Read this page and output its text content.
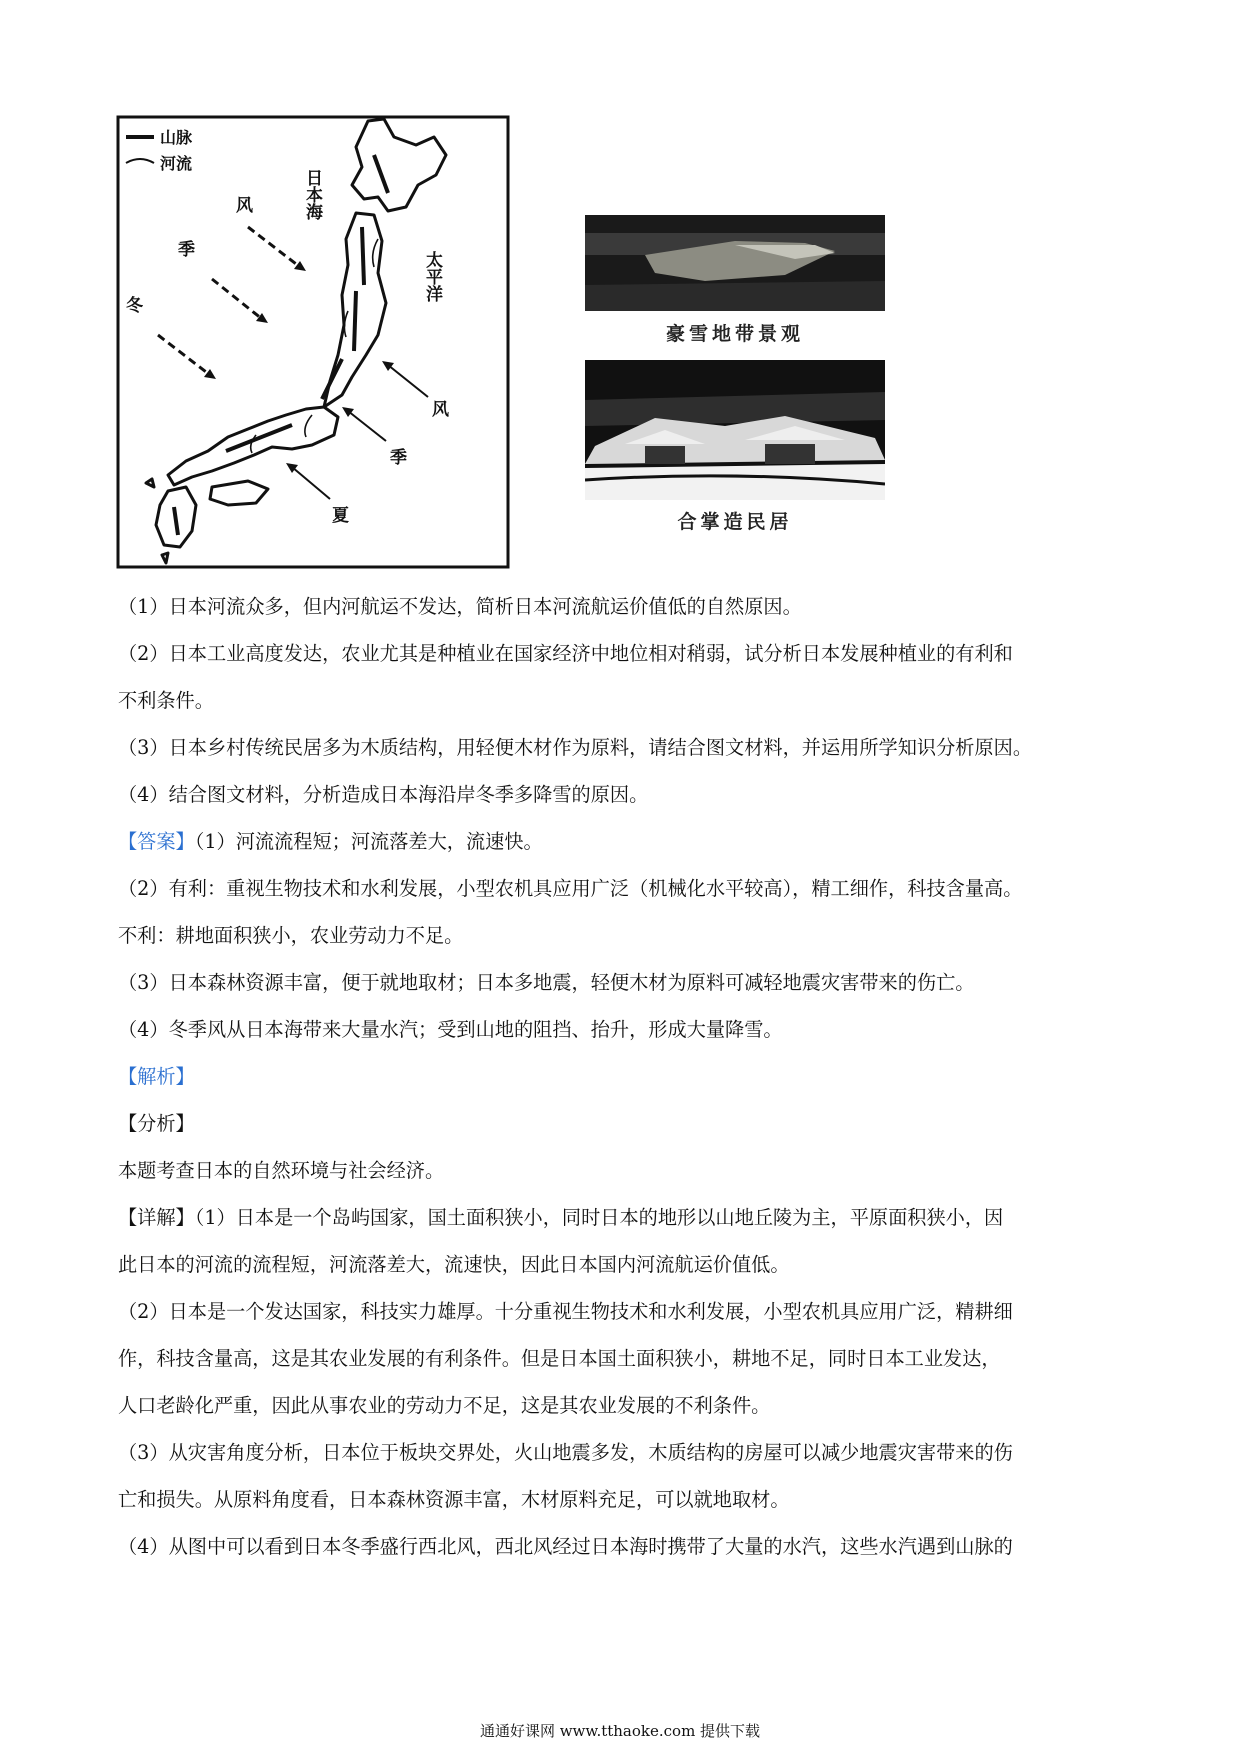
山脉
河流
日本海
太平洋
风
季
冬
风
季
夏
豪雪地带景观
合掌造民居

（1）日本河流众多，但内河航运不发达，简析日本河流航运价值低的自然原因。

（2）日本工业高度发达，农业尤其是种植业在国家经济中地位相对稍弱，试分析日本发展种植业的有利和

不利条件。

（3）日本乡村传统民居多为木质结构，用轻便木材作为原料，请结合图文材料，并运用所学知识分析原因。

（4）结合图文材料，分析造成日本海沿岸冬季多降雪的原因。

【答案】（1）河流流程短；河流落差大，流速快。

（2）有利：重视生物技术和水利发展，小型农机具应用广泛（机械化水平较高），精工细作，科技含量高。

不利：耕地面积狭小，农业劳动力不足。

（3）日本森林资源丰富，便于就地取材；日本多地震，轻便木材为原料可减轻地震灾害带来的伤亡。

（4）冬季风从日本海带来大量水汽；受到山地的阻挡、抬升，形成大量降雪。

【解析】

【分析】

本题考查日本的自然环境与社会经济。

【详解】（1）日本是一个岛屿国家，国土面积狭小，同时日本的地形以山地丘陵为主，平原面积狭小，因

此日本的河流的流程短，河流落差大，流速快，因此日本国内河流航运价值低。

（2）日本是一个发达国家，科技实力雄厚。十分重视生物技术和水利发展，小型农机具应用广泛，精耕细

作，科技含量高，这是其农业发展的有利条件。但是日本国土面积狭小，耕地不足，同时日本工业发达，

人口老龄化严重，因此从事农业的劳动力不足，这是其农业发展的不利条件。

（3）从灾害角度分析，日本位于板块交界处，火山地震多发，木质结构的房屋可以减少地震灾害带来的伤

亡和损失。从原料角度看，日本森林资源丰富，木材原料充足，可以就地取材。

（4）从图中可以看到日本冬季盛行西北风，西北风经过日本海时携带了大量的水汽，这些水汽遇到山脉的

通通好课网 www.tthaoke.com 提供下载
